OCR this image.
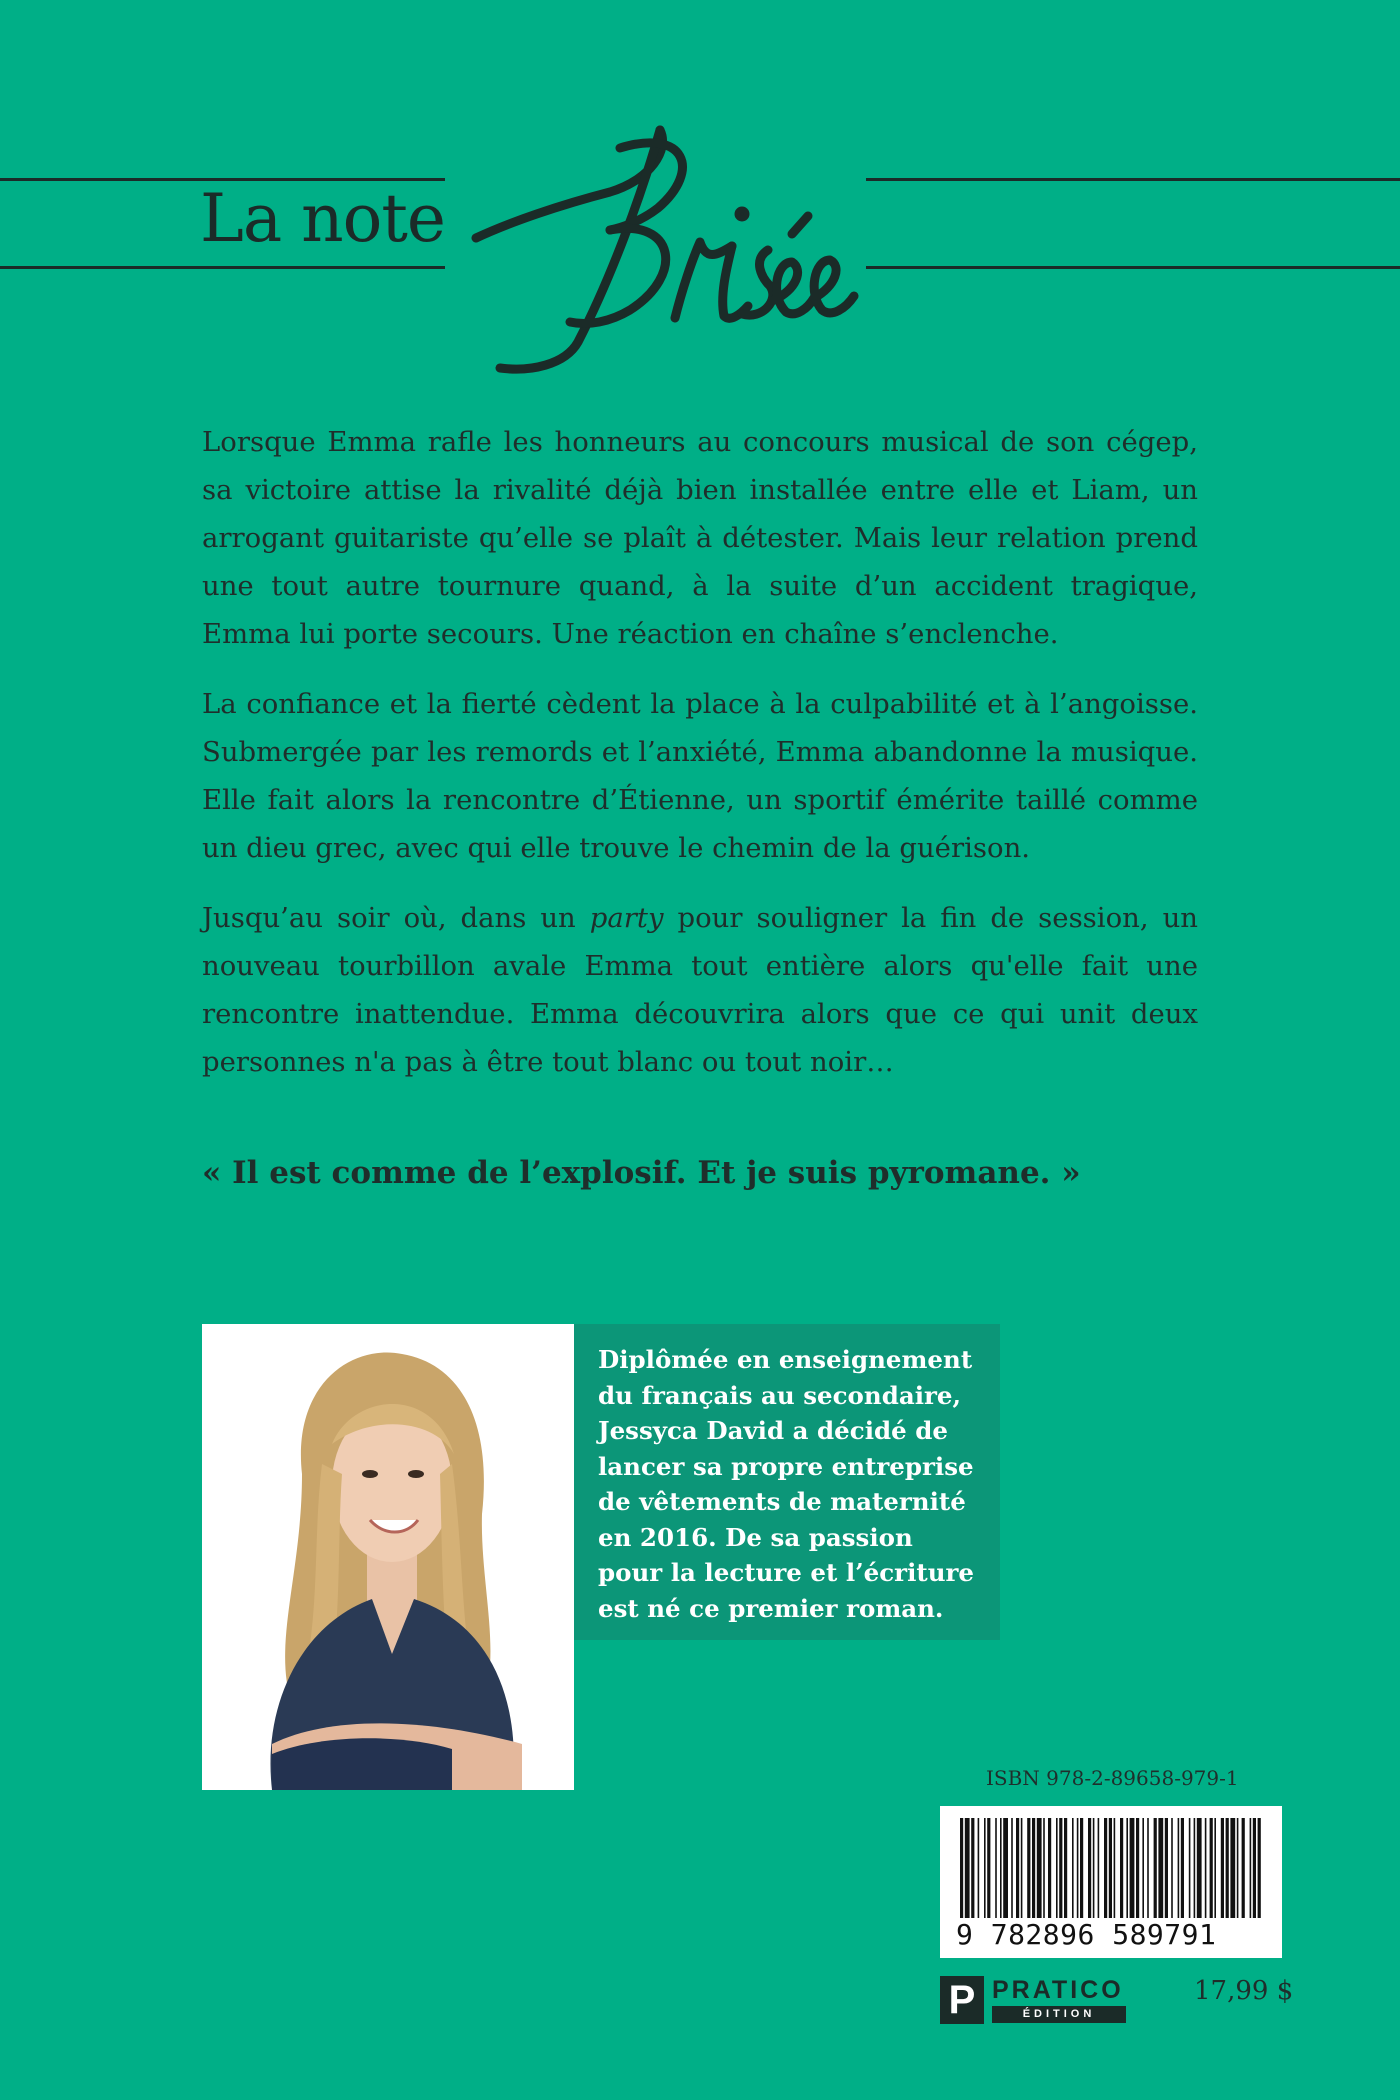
La note

Lorsque Emma rafle les honneurs au concours musical de son cégep, sa victoire attise la rivalité déjà bien installée entre elle et Liam, un arrogant guitariste qu’elle se plaît à détester. Mais leur relation prend une tout autre tournure quand, à la suite d’un accident tragique, Emma lui porte secours. Une réaction en chaîne s’enclenche.

La confiance et la fierté cèdent la place à la culpabilité et à l’angoisse. Submergée par les remords et l’anxiété, Emma abandonne la musique. Elle fait alors la rencontre d’Étienne, un sportif émérite taillé comme un dieu grec, avec qui elle trouve le chemin de la guérison.

Jusqu’au soir où, dans un party pour souligner la fin de session, un nouveau tourbillon avale Emma tout entière alors qu'elle fait une rencontre inattendue. Emma découvrira alors que ce qui unit deux personnes n'a pas à être tout blanc ou tout noir…

« Il est comme de l’explosif. Et je suis pyromane. »
Diplômée en enseignement du français au secondaire, Jessyca David a décidé de lancer sa propre entreprise de vêtements de maternité en 2016. De sa passion pour la lecture et l’écriture est né ce premier roman.
ISBN 978-2-89658-979-1
9 782896 589791
P PRATICO
ÉDITION
17,99 $
